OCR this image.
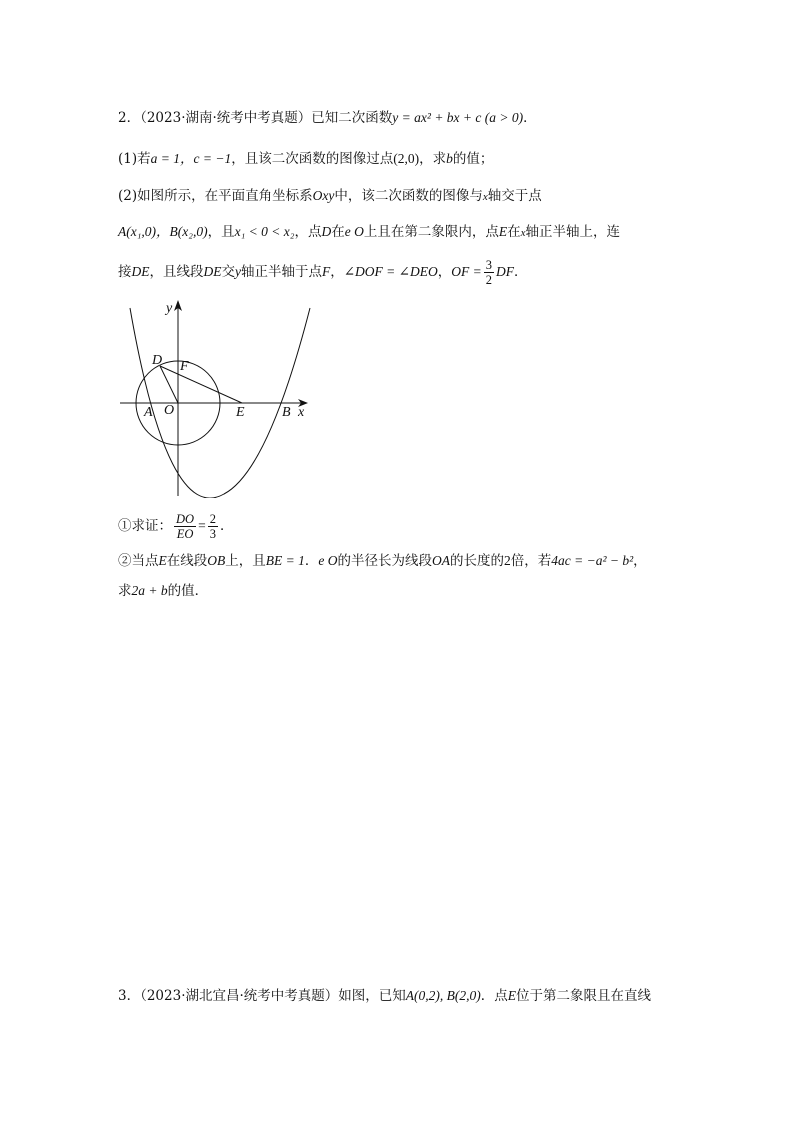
2．（2023·湖南·统考中考真题）已知二次函数y = ax² + bx + c (a > 0)．
(1)若a = 1，c = −1，且该二次函数的图像过点(2,0)，求b的值；
(2)如图所示，在平面直角坐标系Oxy中，该二次函数的图像与x轴交于点
A(x₁,0)，B(x₂,0)，且x₁ < 0 < x₂，点D在e O上且在第二象限内，点E在x轴正半轴上，连
接DE，且线段DE交y轴正半轴于点F，∠DOF = ∠DEO，OF = $\frac{3}{2}$ DF．
y
x
D F
A O	E	B
①求证： $\frac{DO}{EO} = \frac{2}{3}$ ．
②当点E在线段OB上，且BE = 1．e O的半径长为线段OA的长度的2倍，若4ac = −a² − b²，
求2a + b的值．
3．（2023·湖北宜昌·统考中考真题）如图，已知A(0,2), B(2,0)．点E位于第二象限且在直线
